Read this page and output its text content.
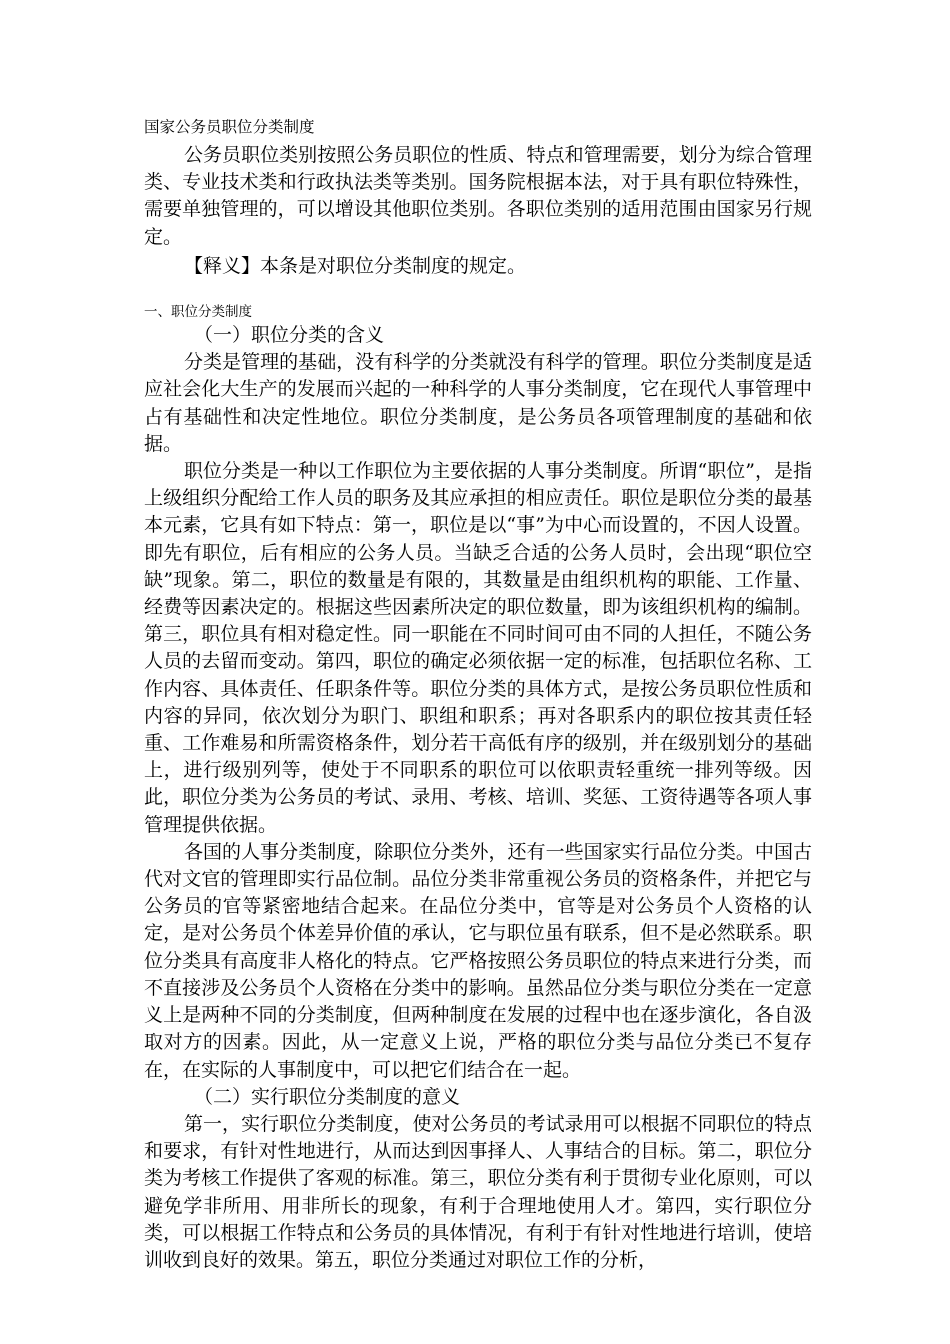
国家公务员职位分类制度

公务员职位类别按照公务员职位的性质、特点和管理需要，划分为综合管理类、专业技术类和行政执法类等类别。国务院根据本法，对于具有职位特殊性，需要单独管理的，可以增设其他职位类别。各职位类别的适用范围由国家另行规定。

【释义】本条是对职位分类制度的规定。

一、职位分类制度

（一）职位分类的含义

分类是管理的基础，没有科学的分类就没有科学的管理。职位分类制度是适应社会化大生产的发展而兴起的一种科学的人事分类制度，它在现代人事管理中占有基础性和决定性地位。职位分类制度，是公务员各项管理制度的基础和依据。

职位分类是一种以工作职位为主要依据的人事分类制度。所谓“职位”，是指上级组织分配给工作人员的职务及其应承担的相应责任。职位是职位分类的最基本元素，它具有如下特点：第一，职位是以“事”为中心而设置的，不因人设置。即先有职位，后有相应的公务人员。当缺乏合适的公务人员时，会出现“职位空缺”现象。第二，职位的数量是有限的，其数量是由组织机构的职能、工作量、经费等因素决定的。根据这些因素所决定的职位数量，即为该组织机构的编制。第三，职位具有相对稳定性。同一职能在不同时间可由不同的人担任，不随公务人员的去留而变动。第四，职位的确定必须依据一定的标准，包括职位名称、工作内容、具体责任、任职条件等。职位分类的具体方式，是按公务员职位性质和内容的异同，依次划分为职门、职组和职系；再对各职系内的职位按其责任轻重、工作难易和所需资格条件，划分若干高低有序的级别，并在级别划分的基础上，进行级别列等，使处于不同职系的职位可以依职责轻重统一排列等级。因此，职位分类为公务员的考试、录用、考核、培训、奖惩、工资待遇等各项人事管理提供依据。

各国的人事分类制度，除职位分类外，还有一些国家实行品位分类。中国古代对文官的管理即实行品位制。品位分类非常重视公务员的资格条件，并把它与公务员的官等紧密地结合起来。在品位分类中，官等是对公务员个人资格的认定，是对公务员个体差异价值的承认，它与职位虽有联系，但不是必然联系。职位分类具有高度非人格化的特点。它严格按照公务员职位的特点来进行分类，而不直接涉及公务员个人资格在分类中的影响。虽然品位分类与职位分类在一定意义上是两种不同的分类制度，但两种制度在发展的过程中也在逐步演化，各自汲取对方的因素。因此，从一定意义上说，严格的职位分类与品位分类已不复存在，在实际的人事制度中，可以把它们结合在一起。

（二）实行职位分类制度的意义

第一，实行职位分类制度，使对公务员的考试录用可以根据不同职位的特点和要求，有针对性地进行，从而达到因事择人、人事结合的目标。第二，职位分类为考核工作提供了客观的标准。第三，职位分类有利于贯彻专业化原则，可以避免学非所用、用非所长的现象，有利于合理地使用人才。第四，实行职位分类，可以根据工作特点和公务员的具体情况，有利于有针对性地进行培训，使培训收到良好的效果。第五，职位分类通过对职位工作的分析，
